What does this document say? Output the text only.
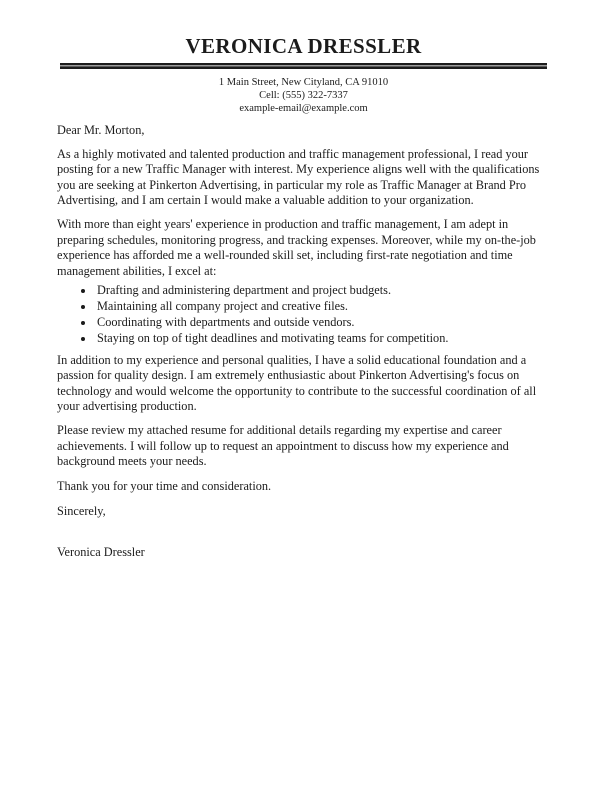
VERONICA DRESSLER
1 Main Street, New Cityland, CA 91010
Cell: (555) 322-7337
example-email@example.com

Dear Mr. Morton,

As a highly motivated and talented production and traffic management professional, I read your posting for a new Traffic Manager with interest. My experience aligns well with the qualifications you are seeking at Pinkerton Advertising, in particular my role as Traffic Manager at Brand Pro Advertising, and I am certain I would make a valuable addition to your organization.

With more than eight years' experience in production and traffic management, I am adept in preparing schedules, monitoring progress, and tracking expenses. Moreover, while my on-the-job experience has afforded me a well-rounded skill set, including first-rate negotiation and time management abilities, I excel at:

• Drafting and administering department and project budgets.
• Maintaining all company project and creative files.
• Coordinating with departments and outside vendors.
• Staying on top of tight deadlines and motivating teams for competition.

In addition to my experience and personal qualities, I have a solid educational foundation and a passion for quality design. I am extremely enthusiastic about Pinkerton Advertising's focus on technology and would welcome the opportunity to contribute to the successful coordination of all your advertising production.

Please review my attached resume for additional details regarding my expertise and career achievements. I will follow up to request an appointment to discuss how my experience and background meets your needs.

Thank you for your time and consideration.

Sincerely,

Veronica Dressler
